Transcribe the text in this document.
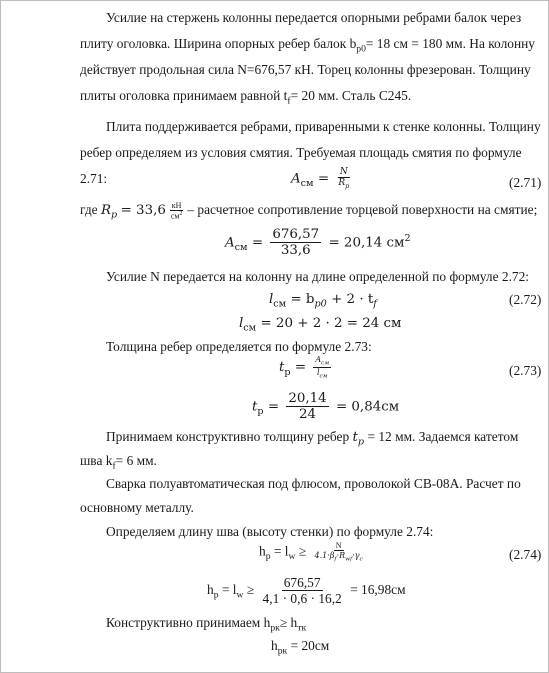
Усилие на стержень колонны передается опорными ребрами балок через
плиту оголовка. Ширина опорных ребер балок $b_{р0}= 18$ см = 180 мм. На колонну
действует продольная сила N=676,57 кН. Торец колонны фрезерован. Толщину
плиты оголовка принимаем равной $t_f= 20$ мм. Сталь С245.
Плита поддерживается ребрами, приваренными к стенке колонны. Толщину
ребер определяем из условия смятия. Требуемая площадь смятия по формуле
2.71:	$A_{см} = \frac{N}{R_p}$	(2.71)
где $R_p = 33,6 \frac{кН}{см^2}$ – расчетное сопротивление торцевой поверхности на смятие;
$A_{см} = \frac{676,57}{33,6} = 20,14$ $см^2$
Усилие N передается на колонну на длине определенной по формуле 2.72:
$l_{см} = b_{p0} + 2 \cdot t_f$	(2.72)
$l_{см} = 20 + 2 \cdot 2 = 24$ см
Толщина ребер определяется по формуле 2.73:
$t_p = \frac{A_{см}}{l_{см}}$	(2.73)
$t_p = \frac{20,14}{24} = 0,84см$
Принимаем конструктивно толщину ребер $t_p = 12$ мм. Задаемся катетом
шва $k_f= 6$ мм.
Сварка полуавтоматическая под флюсом, проволокой СВ-08А. Расчет по
основному металлу.
Определяем длину шва (высоту стенки) по формуле 2.74:
$h_p = l_w \ge \frac{N}{4.1\cdot\beta_f\cdot R_{wf}\cdot\gamma_c}$	(2.74)
$h_p = l_w \ge \frac{676,57}{4,1 \cdot 0,6 \cdot 16,2} = 16,98см$
Конструктивно принимаем $h_{рк}\ge h_{тк}$
$h_{рк} = 20см$
